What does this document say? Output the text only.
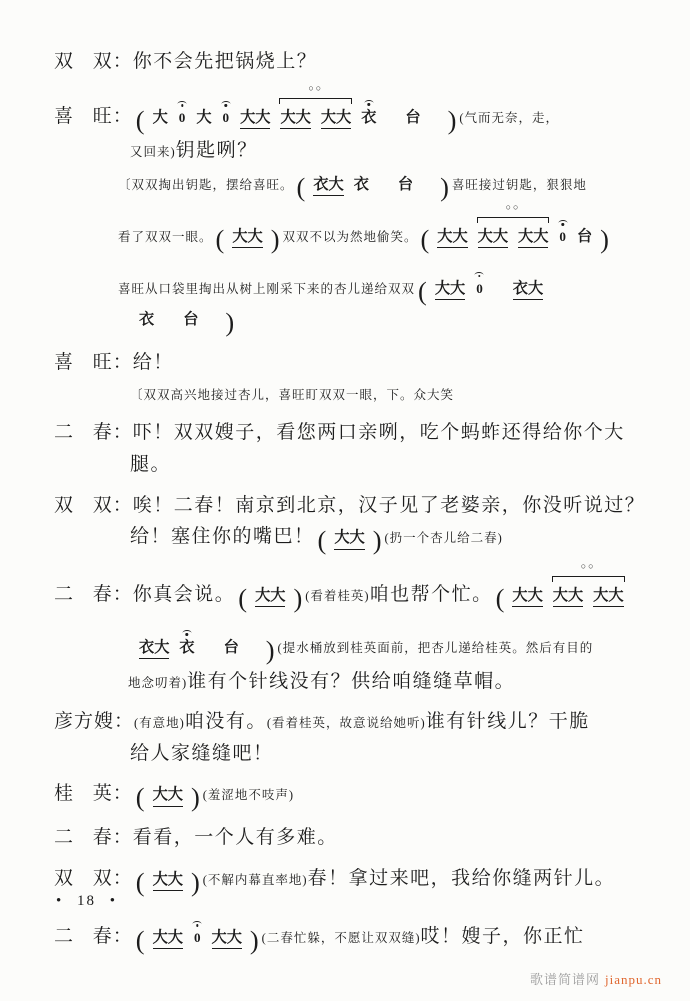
双 双： 你不会先把锅烧上？
喜 旺： ( 大 0 大 0 大大
○○
大大 大大 衣 台 ) (气而无奈，走，
又回来)钥匙咧？
〔双双掏出钥匙，摆给喜旺。 ( 衣大 衣 台 ) 喜旺接过钥匙，狠狠地
看了双双一眼。 ( 大大 ) 双双不以为然地偷笑。 ( 大大
○○
大大 大大 0 台 )
喜旺从口袋里掏出从树上刚采下来的杏儿递给双双 ( 大大 0 衣大
衣 台 )
喜 旺： 给！
〔双双高兴地接过杏儿，喜旺盯双双一眼，下。众大笑
二 春： 吓！双双嫂子，看您两口亲咧，吃个蚂蚱还得给你个大
腿。
双 双： 唉！二春！南京到北京，汉子见了老婆亲，你没听说过？
给！塞住你的嘴巴！ ( 大大 ) (扔一个杏儿给二春)
二 春： 你真会说。 ( 大大 ) (看着桂英)咱也帮个忙。 ( 大大
○○
大大 大大
衣大 衣 台 ) (提水桶放到桂英面前，把杏儿递给桂英。然后有目的
地念叨着)谁有个针线没有？供给咱缝缝草帽。
彦方嫂： (有意地)咱没有。(看着桂英，故意说给她听)谁有针线儿？干脆
给人家缝缝吧！
桂 英： ( 大大 ) (羞涩地不吱声)
二 春： 看看，一个人有多难。
双 双： ( 大大 ) (不解内幕直率地)春！拿过来吧，我给你缝两针儿。
二 春： ( 大大 0 大大 ) (二春忙躲，不愿让双双缝)哎！嫂子，你正忙
• 18 •
歌谱简谱网 jianpu.cn
